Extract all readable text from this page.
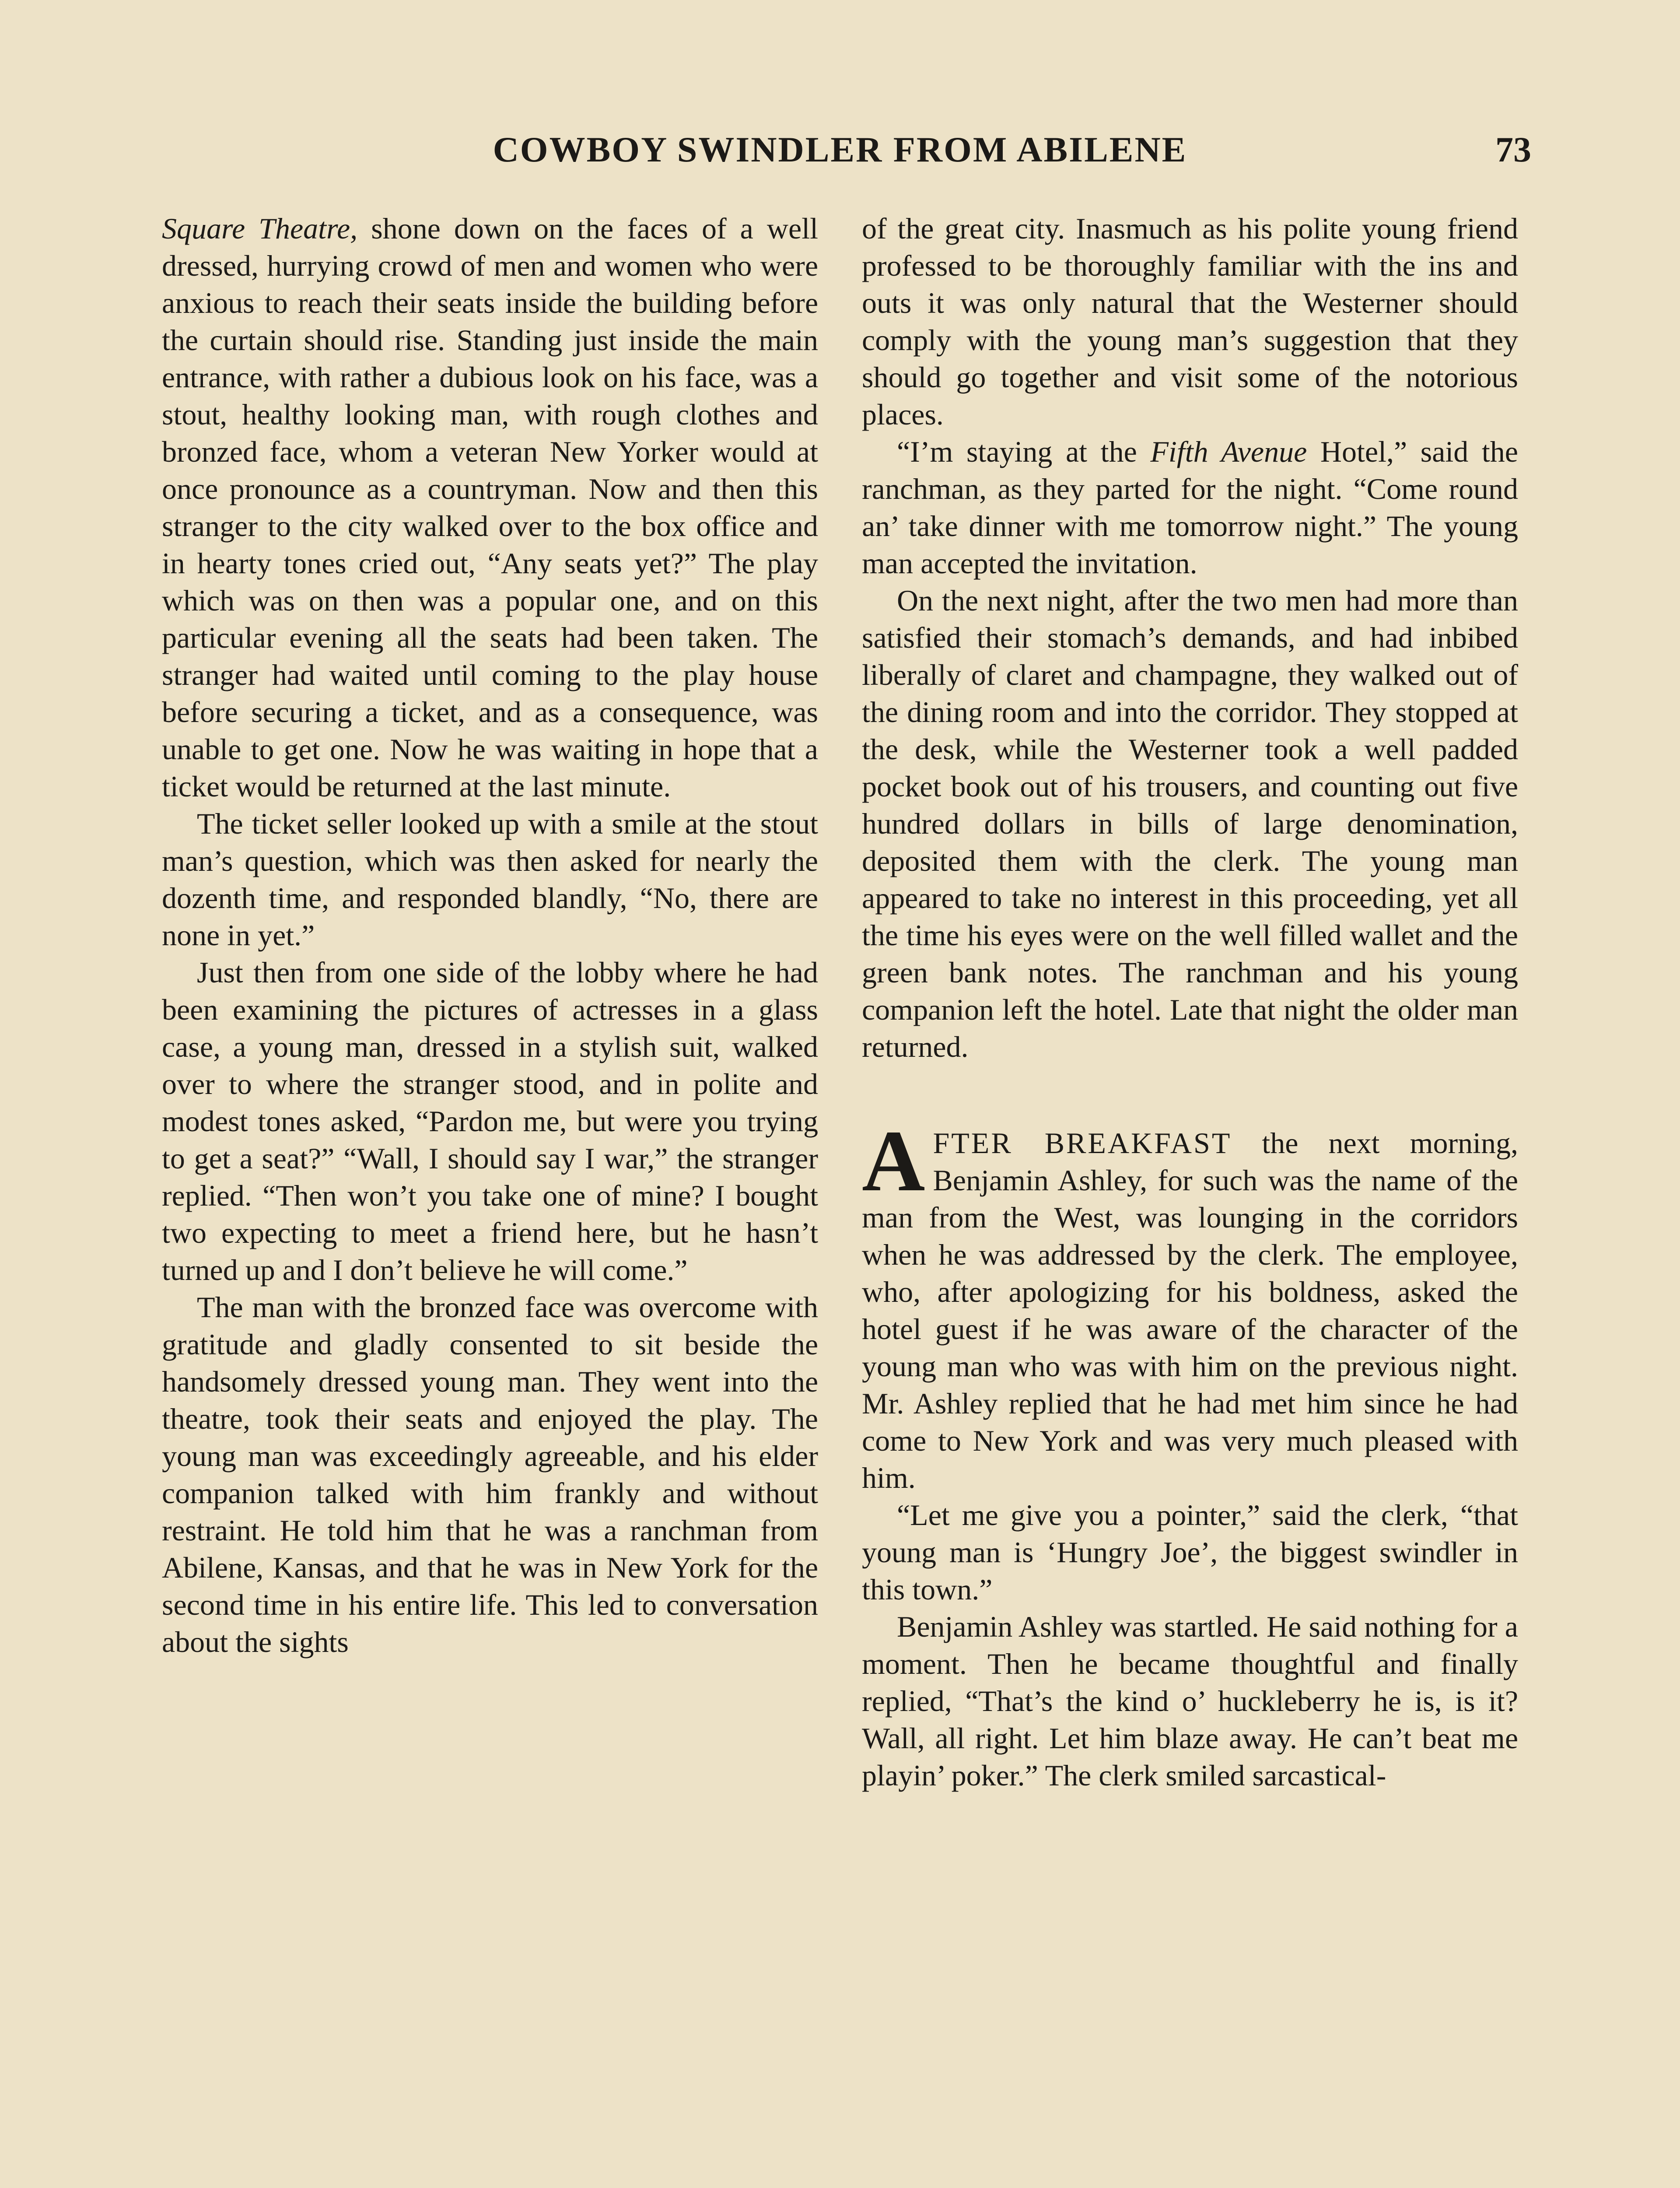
COWBOY SWINDLER FROM ABILENE	73

Square Theatre, shone down on the faces of a well dressed, hurrying crowd of men and women who were anxious to reach their seats inside the building before the curtain should rise. Standing just inside the main entrance, with rather a dubious look on his face, was a stout, healthy looking man, with rough clothes and bronzed face, whom a veteran New Yorker would at once pronounce as a countryman. Now and then this stranger to the city walked over to the box office and in hearty tones cried out, “Any seats yet?” The play which was on then was a popular one, and on this particular evening all the seats had been taken. The stranger had waited until coming to the play house before securing a ticket, and as a consequence, was unable to get one. Now he was waiting in hope that a ticket would be returned at the last minute.

The ticket seller looked up with a smile at the stout man’s question, which was then asked for nearly the dozenth time, and responded blandly, “No, there are none in yet.”

Just then from one side of the lobby where he had been examining the pictures of actresses in a glass case, a young man, dressed in a stylish suit, walked over to where the stranger stood, and in polite and modest tones asked, “Pardon me, but were you trying to get a seat?” “Wall, I should say I war,” the stranger replied. “Then won’t you take one of mine? I bought two expecting to meet a friend here, but he hasn’t turned up and I don’t believe he will come.”

The man with the bronzed face was overcome with gratitude and gladly consented to sit beside the handsomely dressed young man. They went into the theatre, took their seats and enjoyed the play. The young man was exceedingly agreeable, and his elder companion talked with him frankly and without restraint. He told him that he was a ranchman from Abilene, Kansas, and that he was in New York for the second time in his entire life. This led to conversation about the sights

of the great city. Inasmuch as his polite young friend professed to be thoroughly familiar with the ins and outs it was only natural that the Westerner should comply with the young man’s suggestion that they should go together and visit some of the notorious places.

“I’m staying at the Fifth Avenue Hotel,” said the ranchman, as they parted for the night. “Come round an’ take dinner with me tomorrow night.” The young man accepted the invitation.

On the next night, after the two men had more than satisfied their stomach’s demands, and had inbibed liberally of claret and champagne, they walked out of the dining room and into the corridor. They stopped at the desk, while the Westerner took a well padded pocket book out of his trousers, and counting out five hundred dollars in bills of large denomination, deposited them with the clerk. The young man appeared to take no interest in this proceeding, yet all the time his eyes were on the well filled wallet and the green bank notes. The ranchman and his young companion left the hotel. Late that night the older man returned.

AFTER BREAKFAST the next morning, Benjamin Ashley, for such was the name of the man from the West, was lounging in the corridors when he was addressed by the clerk. The employee, who, after apologizing for his boldness, asked the hotel guest if he was aware of the character of the young man who was with him on the previous night. Mr. Ashley replied that he had met him since he had come to New York and was very much pleased with him.

“Let me give you a pointer,” said the clerk, “that young man is ‘Hungry Joe’, the biggest swindler in this town.”

Benjamin Ashley was startled. He said nothing for a moment. Then he became thoughtful and finally replied, “That’s the kind o’ huckleberry he is, is it? Wall, all right. Let him blaze away. He can’t beat me playin’ poker.” The clerk smiled sarcastical-
